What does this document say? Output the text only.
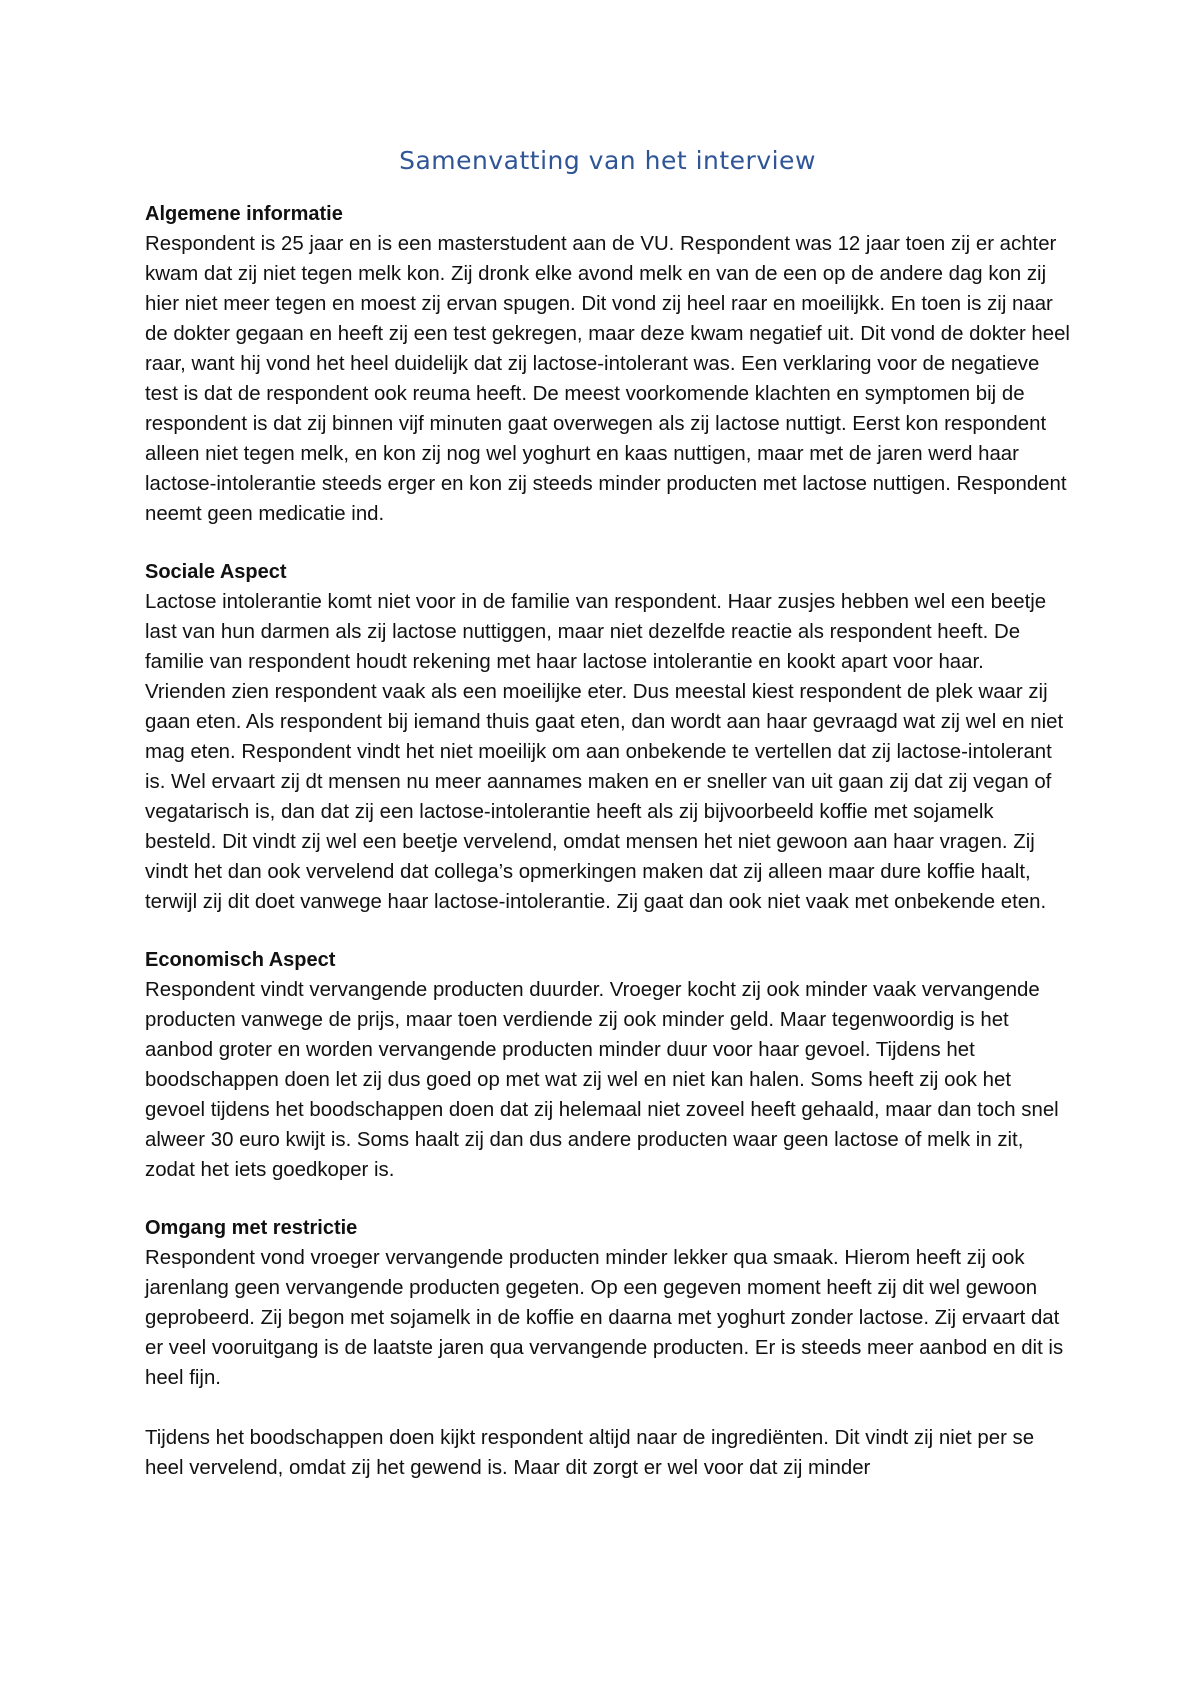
Samenvatting van het interview

Algemene informatie

Respondent is 25 jaar en is een masterstudent aan de VU. Respondent was 12 jaar toen zij er achter kwam dat zij niet tegen melk kon. Zij dronk elke avond melk en van de een op de andere dag kon zij hier niet meer tegen en moest zij ervan spugen. Dit vond zij heel raar en moeilijkk. En toen is zij naar de dokter gegaan en heeft zij een test gekregen, maar deze kwam negatief uit. Dit vond de dokter heel raar, want hij vond het heel duidelijk dat zij lactose-intolerant was. Een verklaring voor de negatieve test is dat de respondent ook reuma heeft. De meest voorkomende klachten en symptomen bij de respondent is dat zij binnen vijf minuten gaat overwegen als zij lactose nuttigt. Eerst kon respondent alleen niet tegen melk, en kon zij nog wel yoghurt en kaas nuttigen, maar met de jaren werd haar lactose-intolerantie steeds erger en kon zij steeds minder producten met lactose nuttigen. Respondent neemt geen medicatie ind.

Sociale Aspect

Lactose intolerantie komt niet voor in de familie van respondent. Haar zusjes hebben wel een beetje last van hun darmen als zij lactose nuttiggen, maar niet dezelfde reactie als respondent heeft. De familie van respondent houdt rekening met haar lactose intolerantie en kookt apart voor haar. Vrienden zien respondent vaak als een moeilijke eter. Dus meestal kiest respondent de plek waar zij gaan eten. Als respondent bij iemand thuis gaat eten, dan wordt aan haar gevraagd wat zij wel en niet mag eten. Respondent vindt het niet moeilijk om aan onbekende te vertellen dat zij lactose-intolerant is. Wel ervaart zij dt mensen nu meer aannames maken en er sneller van uit gaan zij dat zij vegan of vegatarisch is, dan dat zij een lactose-intolerantie heeft als zij bijvoorbeeld koffie met sojamelk besteld. Dit vindt zij wel een beetje vervelend, omdat mensen het niet gewoon aan haar vragen. Zij vindt het dan ook vervelend dat collega’s opmerkingen maken dat zij alleen maar dure koffie haalt, terwijl zij dit doet vanwege haar lactose-intolerantie. Zij gaat dan ook niet vaak met onbekende eten.

Economisch Aspect

Respondent vindt vervangende producten duurder. Vroeger kocht zij ook minder vaak vervangende producten vanwege de prijs, maar toen verdiende zij ook minder geld. Maar tegenwoordig is het aanbod groter en worden vervangende producten minder duur voor haar gevoel. Tijdens het boodschappen doen let zij dus goed op met wat zij wel en niet kan halen. Soms heeft zij ook het gevoel tijdens het boodschappen doen dat zij helemaal niet zoveel heeft gehaald, maar dan toch snel alweer 30 euro kwijt is. Soms haalt zij dan dus andere producten waar geen lactose of melk in zit, zodat het iets goedkoper is.

Omgang met restrictie

Respondent vond vroeger vervangende producten minder lekker qua smaak. Hierom heeft zij ook jarenlang geen vervangende producten gegeten. Op een gegeven moment heeft zij dit wel gewoon geprobeerd. Zij begon met sojamelk in de koffie en daarna met yoghurt zonder lactose. Zij ervaart dat er veel vooruitgang is de laatste jaren qua vervangende producten. Er is steeds meer aanbod en dit is heel fijn.

Tijdens het boodschappen doen kijkt respondent altijd naar de ingrediënten. Dit vindt zij niet per se heel vervelend, omdat zij het gewend is. Maar dit zorgt er wel voor dat zij minder
